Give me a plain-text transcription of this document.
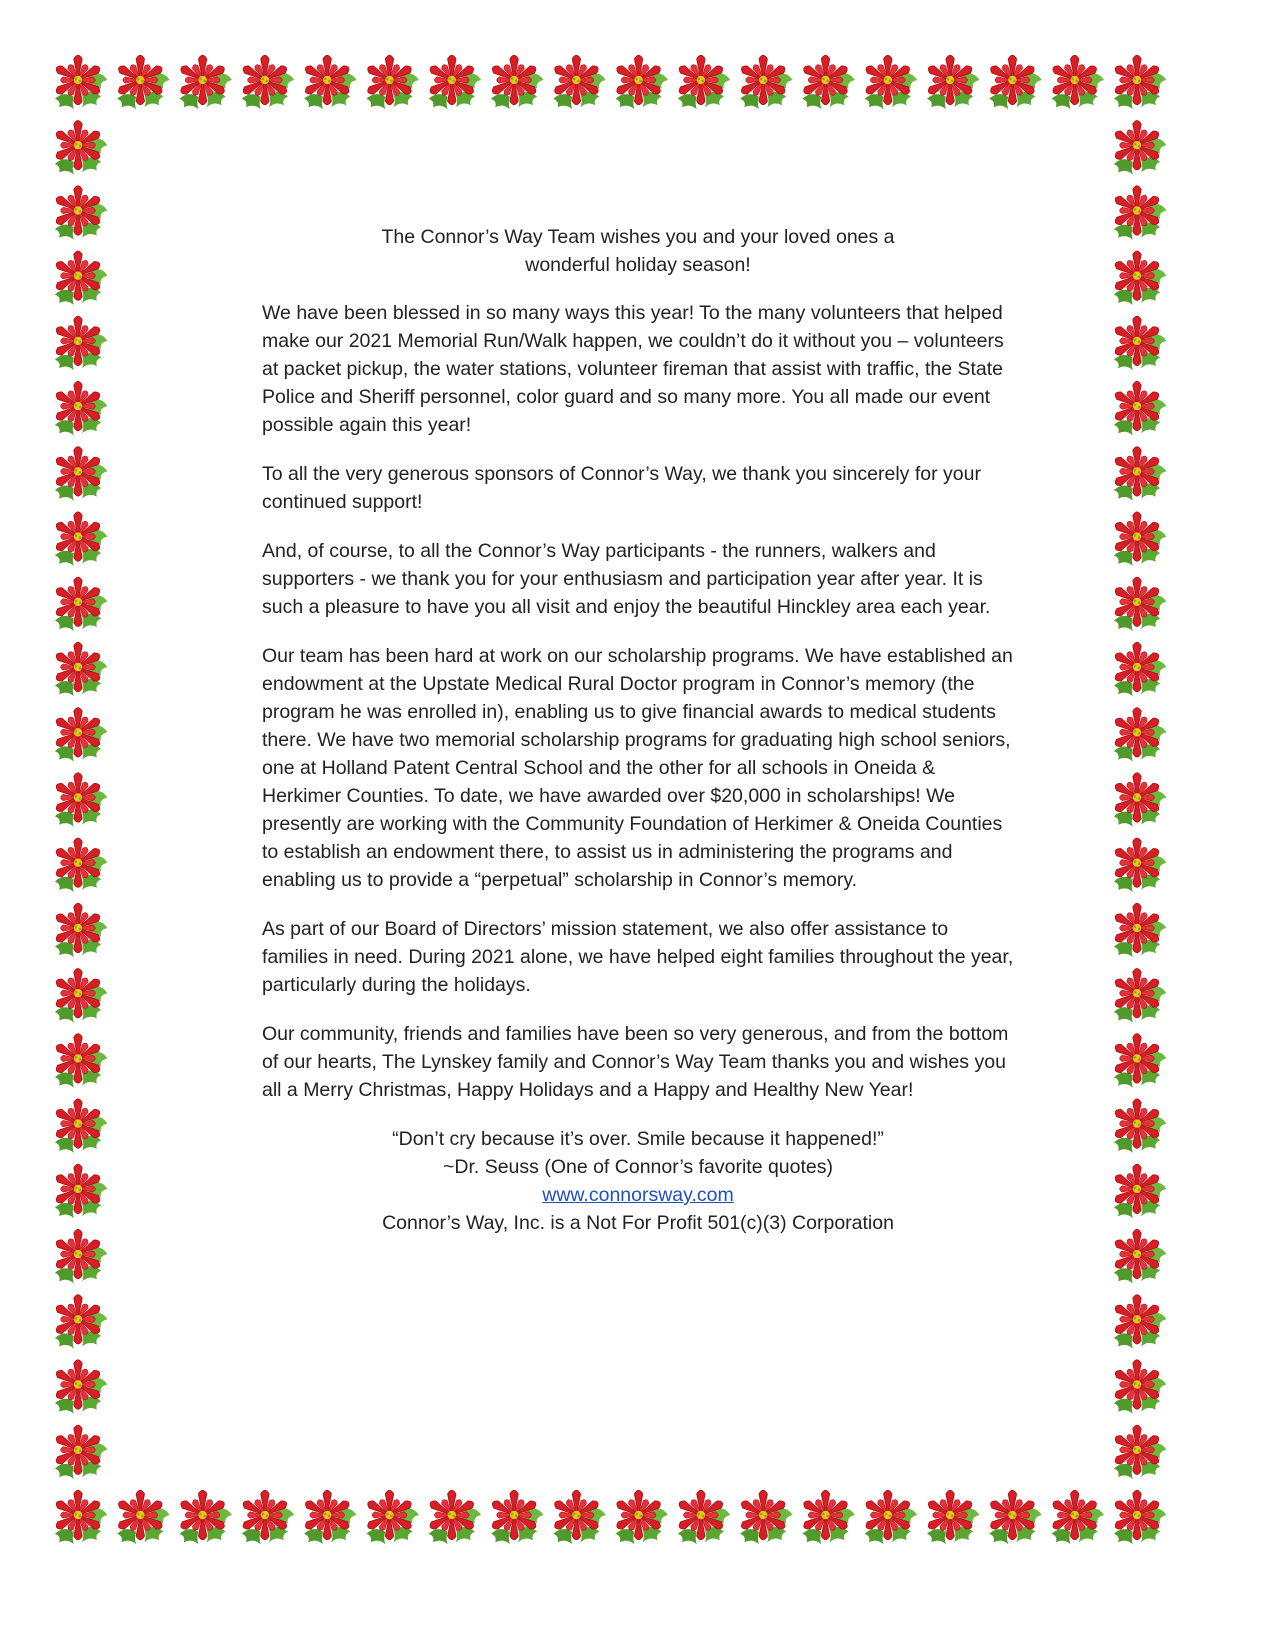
The Connor’s Way Team wishes you and your loved ones a wonderful holiday season!

We have been blessed in so many ways this year! To the many volunteers that helped make our 2021 Memorial Run/Walk happen, we couldn’t do it without you – volunteers at packet pickup, the water stations, volunteer fireman that assist with traffic, the State Police and Sheriff personnel, color guard and so many more. You all made our event possible again this year!

To all the very generous sponsors of Connor’s Way, we thank you sincerely for your continued support!

And, of course, to all the Connor’s Way participants - the runners, walkers and supporters - we thank you for your enthusiasm and participation year after year. It is such a pleasure to have you all visit and enjoy the beautiful Hinckley area each year.

Our team has been hard at work on our scholarship programs. We have established an endowment at the Upstate Medical Rural Doctor program in Connor’s memory (the program he was enrolled in), enabling us to give financial awards to medical students there. We have two memorial scholarship programs for graduating high school seniors, one at Holland Patent Central School and the other for all schools in Oneida & Herkimer Counties. To date, we have awarded over $20,000 in scholarships! We presently are working with the Community Foundation of Herkimer & Oneida Counties to establish an endowment there, to assist us in administering the programs and enabling us to provide a “perpetual” scholarship in Connor’s memory.

As part of our Board of Directors’ mission statement, we also offer assistance to families in need. During 2021 alone, we have helped eight families throughout the year, particularly during the holidays.

Our community, friends and families have been so very generous, and from the bottom of our hearts, The Lynskey family and Connor’s Way Team thanks you and wishes you all a Merry Christmas, Happy Holidays and a Happy and Healthy New Year!

“Don’t cry because it’s over. Smile because it happened!”
~Dr. Seuss (One of Connor’s favorite quotes)
www.connorsway.com
Connor’s Way, Inc. is a Not For Profit 501(c)(3) Corporation
